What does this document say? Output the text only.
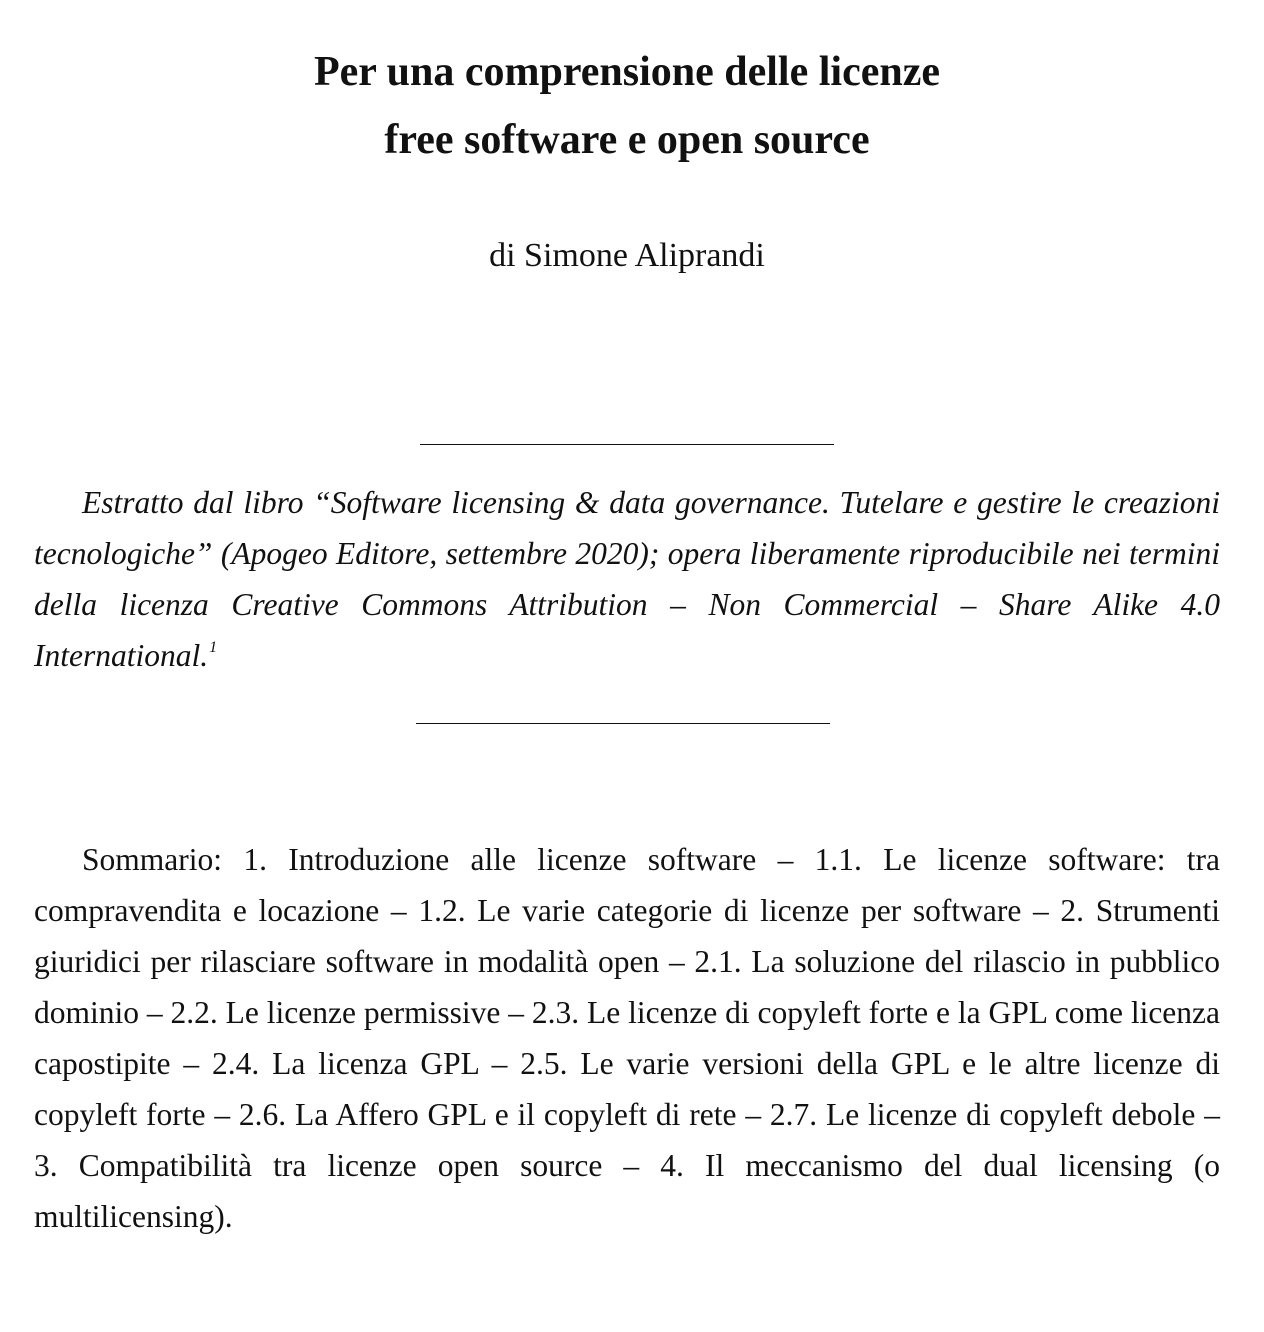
Per una comprensione delle licenze
free software e open source

di Simone Aliprandi

Estratto dal libro “Software licensing & data governance. Tutelare e gestire le creazioni tecnologiche” (Apogeo Editore, settembre 2020); opera liberamente riproducibile nei termini della licenza Creative Commons Attribution – Non Commercial – Share Alike 4.0 International.$^1$

Sommario: 1. Introduzione alle licenze software – 1.1. Le licenze software: tra compravendita e locazione – 1.2. Le varie categorie di licenze per software – 2. Strumenti giuridici per rilasciare software in modalità open – 2.1. La soluzione del rilascio in pubblico dominio – 2.2. Le licenze permissive – 2.3. Le licenze di copyleft forte e la GPL come licenza capostipite – 2.4. La licenza GPL – 2.5. Le varie versioni della GPL e le altre licenze di copyleft forte – 2.6. La Affero GPL e il copyleft di rete – 2.7. Le licenze di copyleft debole – 3. Compatibilità tra licenze open source – 4. Il meccanismo del dual licensing (o multilicensing).
